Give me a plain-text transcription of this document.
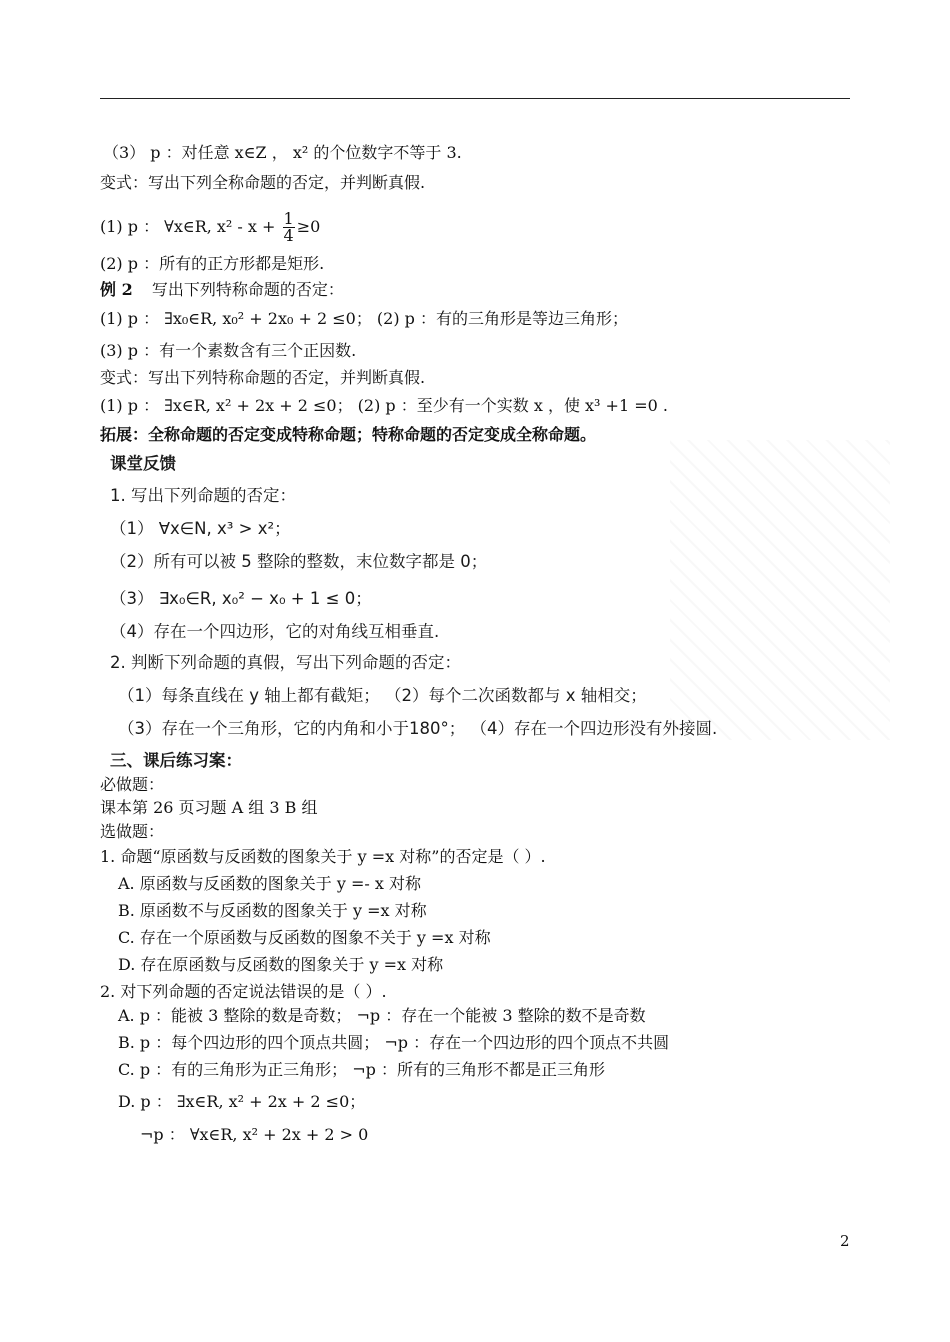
（3） p ：对任意 x∈Z ， x² 的个位数字不等于 3.
变式：写出下列全称命题的否定，并判断真假.
(1) p ： ∀x∈R, $x^2 - x + \frac{1}{4} \ge 0$
(2) p ：所有的正方形都是矩形.
例 2 写出下列特称命题的否定：
(1) p ： ∃x₀∈R, x₀² + 2x₀ + 2 ≤0； (2) p ：有的三角形是等边三角形；
(3) p ：有一个素数含有三个正因数.
变式：写出下列特称命题的否定，并判断真假.
(1) p ： ∃x∈R, x² + 2x + 2 ≤0； (2) p ：至少有一个实数 x ，使 x³ +1 =0 .
拓展：全称命题的否定变成特称命题；特称命题的否定变成全称命题。
课堂反馈
1. 写出下列命题的否定：
（1） ∀x∈N, x³ > x²；
（2）所有可以被 5 整除的整数，末位数字都是 0；
（3） ∃x₀∈R, x₀² − x₀ + 1 ≤ 0；
（4）存在一个四边形，它的对角线互相垂直.
2. 判断下列命题的真假，写出下列命题的否定：
（1）每条直线在 y 轴上都有截矩； （2）每个二次函数都与 x 轴相交；
（3）存在一个三角形，它的内角和小于180°； （4）存在一个四边形没有外接圆.
三、课后练习案：
必做题：
课本第 26 页习题 A 组 3 B 组
选做题：
1. 命题“原函数与反函数的图象关于 y =x 对称”的否定是（ ）.
A. 原函数与反函数的图象关于 y =- x 对称
B. 原函数不与反函数的图象关于 y =x 对称
C. 存在一个原函数与反函数的图象不关于 y =x 对称
D. 存在原函数与反函数的图象关于 y =x 对称
2. 对下列命题的否定说法错误的是（ ）.
A. p ：能被 3 整除的数是奇数； ¬p ：存在一个能被 3 整除的数不是奇数
B. p ：每个四边形的四个顶点共圆； ¬p ：存在一个四边形的四个顶点不共圆
C. p ：有的三角形为正三角形； ¬p ：所有的三角形不都是正三角形
D. p ： ∃x∈R, x² + 2x + 2 ≤0；
¬p ： ∀x∈R, x² + 2x + 2 > 0
2
